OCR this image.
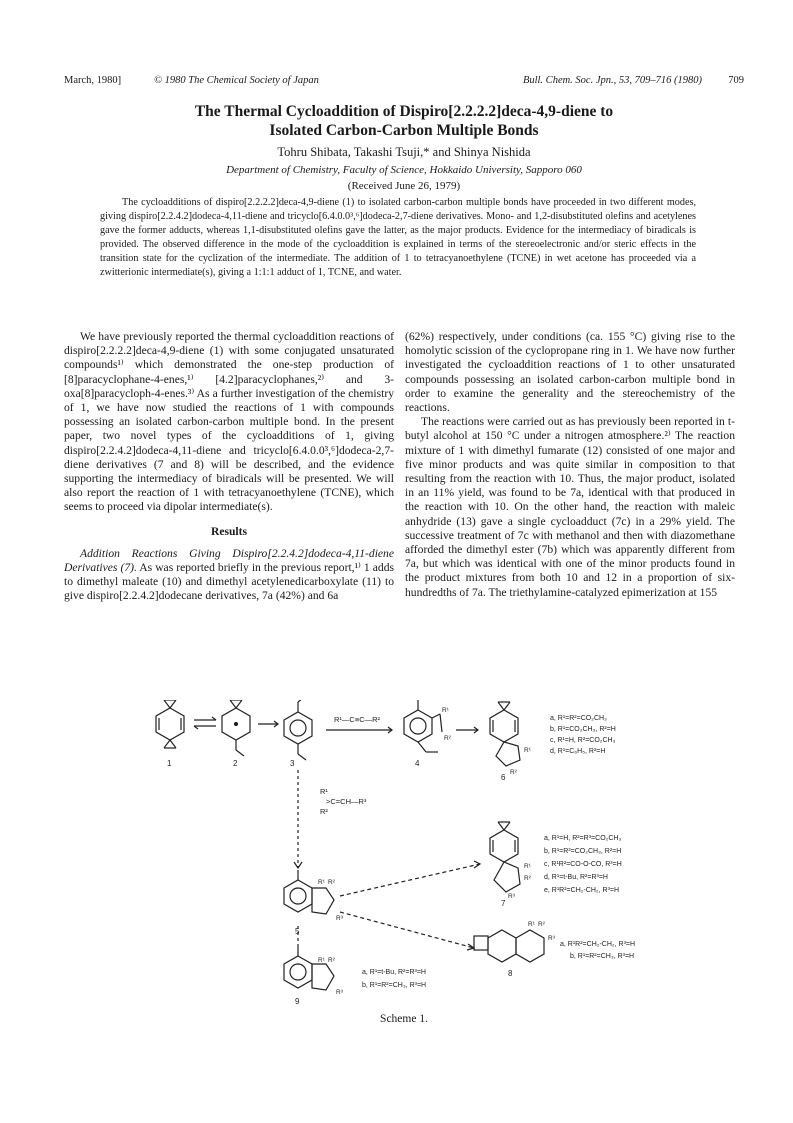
March, 1980]	© 1980 The Chemical Society of Japan	Bull. Chem. Soc. Jpn., 53, 709–716 (1980)	709
The Thermal Cycloaddition of Dispiro[2.2.2.2]deca-4,9-diene to
Isolated Carbon-Carbon Multiple Bonds
Tohru Shibata, Takashi Tsuji,* and Shinya Nishida
Department of Chemistry, Faculty of Science, Hokkaido University, Sapporo 060
(Received June 26, 1979)
The cycloadditions of dispiro[2.2.2.2]deca-4,9-diene (1) to isolated carbon-carbon multiple bonds have proceeded in two different modes, giving dispiro[2.2.4.2]dodeca-4,11-diene and tricyclo[6.4.0.0³,⁶]dodeca-2,7-diene derivatives. Mono- and 1,2-disubstituted olefins and acetylenes gave the former adducts, whereas 1,1-disubstituted olefins gave the latter, as the major products. Evidence for the intermediacy of biradicals is provided. The observed difference in the mode of the cycloaddition is explained in terms of the stereoelectronic and/or steric effects in the transition state for the cyclization of the intermediate. The addition of 1 to tetracyanoethylene (TCNE) in wet acetone has proceeded via a zwitterionic intermediate(s), giving a 1:1:1 adduct of 1, TCNE, and water.

We have previously reported the thermal cycloaddition reactions of dispiro[2.2.2.2]deca-4,9-diene (1) with some conjugated unsaturated compounds¹⁾ which demonstrated the one-step production of [8]paracyclophane-4-enes,¹⁾ [4.2]paracyclophanes,²⁾ and 3-oxa[8]paracycloph-4-enes.³⁾ As a further investigation of the chemistry of 1, we have now studied the reactions of 1 with compounds possessing an isolated carbon-carbon multiple bond. In the present paper, two novel types of the cycloadditions of 1, giving dispiro[2.2.4.2]dodeca-4,11-diene and tricyclo[6.4.0.0³,⁶]dodeca-2,7-diene derivatives (7 and 8) will be described, and the evidence supporting the intermediacy of biradicals will be presented. We will also report the reaction of 1 with tetracyanoethylene (TCNE), which seems to proceed via dipolar intermediate(s).

Results

Addition Reactions Giving Dispiro[2.2.4.2]dodeca-4,11-diene Derivatives (7). As was reported briefly in the previous report,¹⁾ 1 adds to dimethyl maleate (10) and dimethyl acetylenedicarboxylate (11) to give dispiro[2.2.4.2]dodecane derivatives, 7a (42%) and 6a

(62%) respectively, under conditions (ca. 155 °C) giving rise to the homolytic scission of the cyclopropane ring in 1. We have now further investigated the cycloaddition reactions of 1 to other unsaturated compounds possessing an isolated carbon-carbon multiple bond in order to examine the generality and the stereochemistry of the reactions.

The reactions were carried out as has previously been reported in t-butyl alcohol at 150 °C under a nitrogen atmosphere.²⁾ The reaction mixture of 1 with dimethyl fumarate (12) consisted of one major and five minor products and was quite similar in composition to that resulting from the reaction with 10. Thus, the major product, isolated in an 11% yield, was found to be 7a, identical with that produced in the reaction with 10. On the other hand, the reaction with maleic anhydride (13) gave a single cycloadduct (7c) in a 29% yield. The successive treatment of 7c with methanol and then with diazomethane afforded the dimethyl ester (7b) which was apparently different from 7a, but which was identical with one of the minor products found in the product mixtures from both 10 and 12 in a proportion of six-hundredths of 7a. The triethylamine-catalyzed epimerization at 155

1	2	3	4
6
7
5
8
9
R¹—C≡C—R²
R¹
>C=CH—R³
R²
R¹
R²
R¹
R²
R¹
R²
R³
R¹ R²
R³
R¹ R²
R³
R¹ R²
R³
a, R¹=R²=CO₂CH₃
b, R¹=CO₂CH₃, R²=H
c, R¹=H, R²=CO₂CH₃
d, R¹=C₆H₅, R²=H
a, R¹=H, R²=R³=CO₂CH₃
b, R¹=R³=CO₂CH₃, R²=H
c, R¹R²=CO-O-CO, R³=H
d, R¹=t-Bu, R²=R³=H
e, R¹R²=CH₂-CH₂, R³=H
a, R¹R²=CH₂-CH₂, R³=H
b, R¹=R²=CH₃, R³=H
a, R¹=t-Bu, R²=R³=H
b, R¹=R²=CH₃, R³=H
Scheme 1.
